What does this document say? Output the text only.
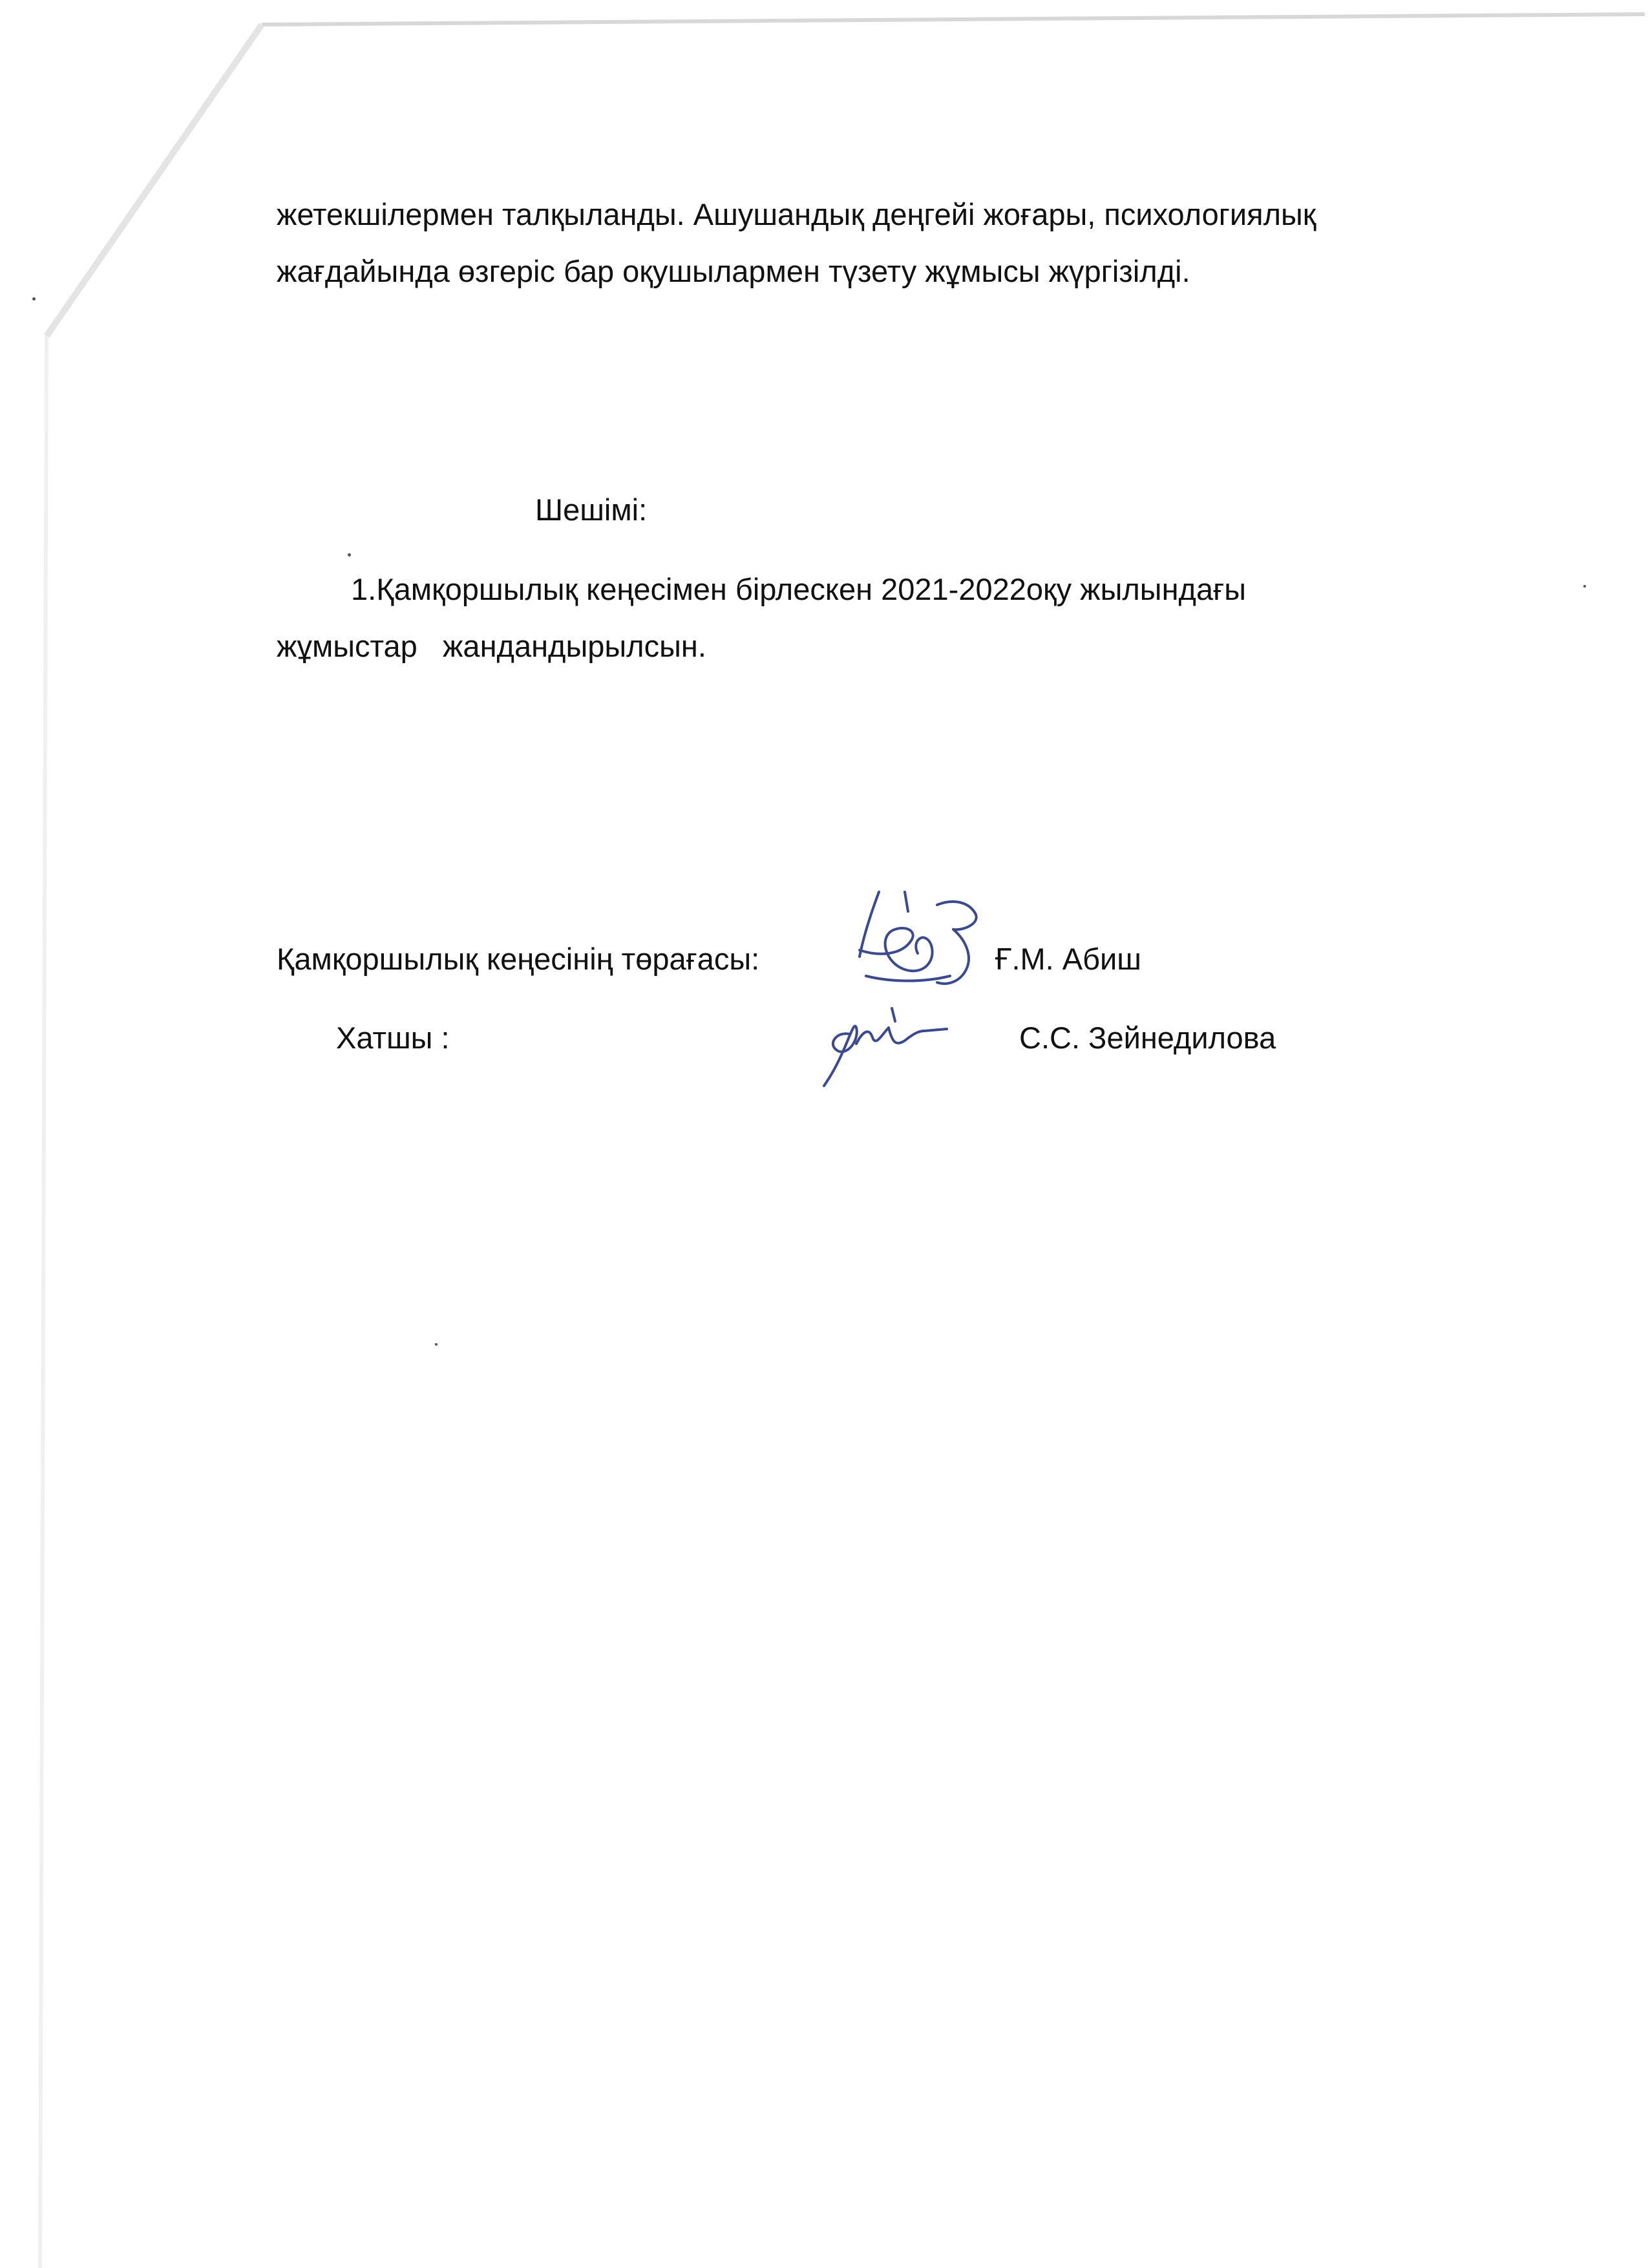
жетекшілермен талқыланды. Ашушандық деңгейі жоғары, психологиялық
жағдайында өзгеріс бар оқушылармен түзету жұмысы жүргізілді.
Шешімі:
1.Қамқоршылық кеңесімен бірлескен 2021-2022оқу жылындағы
жұмыстар   жандандырылсын.
Қамқоршылық кеңесінің төрағасы:	Ғ.М. Абиш
Хатшы :	С.С. Зейнедилова
